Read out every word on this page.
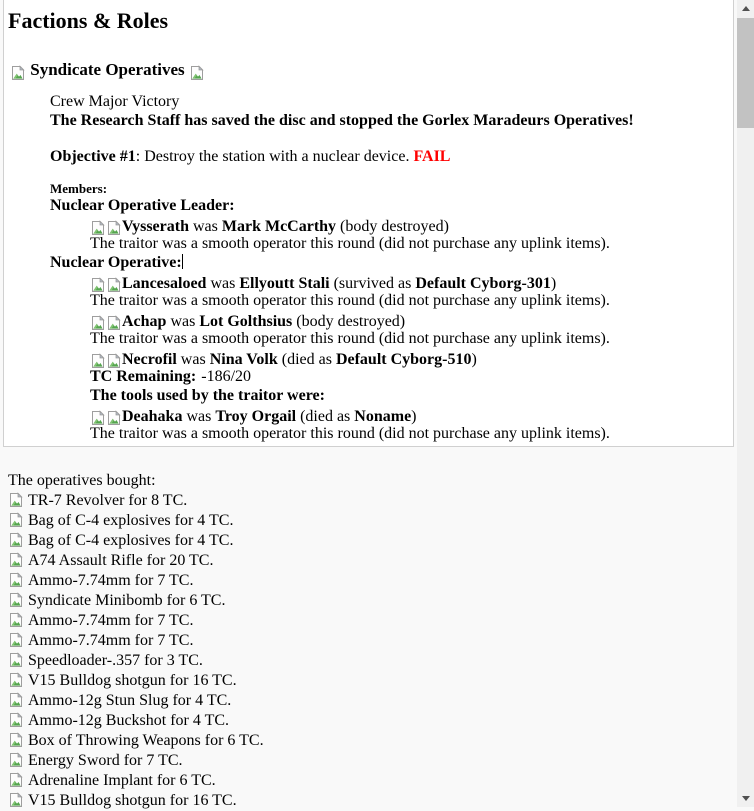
Factions & Roles
Syndicate Operatives
Crew Major Victory
The Research Staff has saved the disc and stopped the Gorlex Maradeurs Operatives!
Objective #1: Destroy the station with a nuclear device. FAIL
Members:
Nuclear Operative Leader:
Vysserath was Mark McCarthy (body destroyed)
The traitor was a smooth operator this round (did not purchase any uplink items).
Nuclear Operative:
Lancesaloed was Ellyoutt Stali (survived as Default Cyborg-301)
The traitor was a smooth operator this round (did not purchase any uplink items).
Achap was Lot Golthsius (body destroyed)
The traitor was a smooth operator this round (did not purchase any uplink items).
Necrofil was Nina Volk (died as Default Cyborg-510)
TC Remaining: -186/20
The tools used by the traitor were:
Deahaka was Troy Orgail (died as Noname)
The traitor was a smooth operator this round (did not purchase any uplink items).
The operatives bought:
TR-7 Revolver for 8 TC.
Bag of C-4 explosives for 4 TC.
Bag of C-4 explosives for 4 TC.
A74 Assault Rifle for 20 TC.
Ammo-7.74mm for 7 TC.
Syndicate Minibomb for 6 TC.
Ammo-7.74mm for 7 TC.
Ammo-7.74mm for 7 TC.
Speedloader-.357 for 3 TC.
V15 Bulldog shotgun for 16 TC.
Ammo-12g Stun Slug for 4 TC.
Ammo-12g Buckshot for 4 TC.
Box of Throwing Weapons for 6 TC.
Energy Sword for 7 TC.
Adrenaline Implant for 6 TC.
V15 Bulldog shotgun for 16 TC.
